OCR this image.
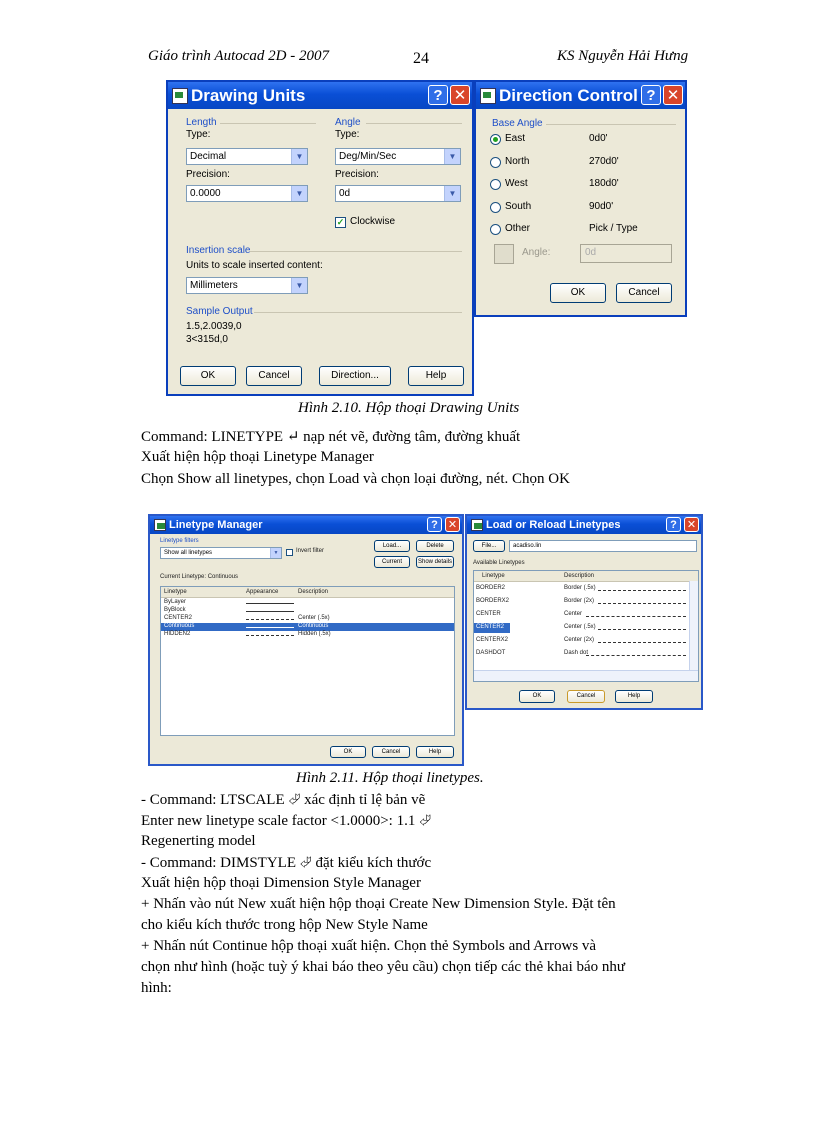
Giáo trình Autocad 2D - 2007	24	KS Nguyễn Hải Hưng
Drawing Units	? ✕
Length
Type:
Decimal	▼
Precision:
0.0000	▼
Angle
Type:
Deg/Min/Sec	▼
Precision:
0d	▼
✓ Clockwise
Insertion scale
Units to scale inserted content:
Millimeters	▼
Sample Output
1.5,2.0039,0
3<315d,0
OK	Cancel	Direction...	Help
Direction Control ? ✕
Base Angle
East	0d0'
North	270d0'
West	180d0'
South	90d0'
Other	Pick / Type
Angle:	0d
OK	Cancel
Hình 2.10. Hộp thoại Drawing Units
Command: LINETYPE ↵ nạp nét vẽ, đường tâm, đường khuất
Xuất hiện hộp thoại Linetype Manager
Chọn Show all linetypes, chọn Load và chọn loại đường, nét. Chọn OK
Linetype Manager	? ✕
Linetype filters
Show all linetypes	▼	Invert filter
Load...	Delete
Current	Show details
Current Linetype: Continuous
Linetype	Appearance	Description
ByLayer
ByBlock
CENTER2	Center (.5x)
Continuous	Continuous
HIDDEN2	Hidden (.5x)
OK	Cancel	Help
Load or Reload Linetypes	? ✕
File...	acadiso.lin
Available Linetypes
Linetype	Description
BORDER2	Border (.5x)
BORDERX2	Border (2x)
CENTER	Center
CENTER2	Center (.5x)
CENTERX2	Center (2x)
DASHDOT	Dash dot
OK	Cancel	Help
Hình 2.11. Hộp thoại linetypes.
- Command: LTSCALE ⮰ xác định tỉ lệ bản vẽ
Enter new linetype scale factor <1.0000>: 1.1 ⮰
Regenerting model
- Command: DIMSTYLE ⮰ đặt kiểu kích thước
Xuất hiện hộp thoại Dimension Style Manager
+ Nhấn vào nút New xuất hiện hộp thoại Create New Dimension Style. Đặt tên
cho kiểu kích thước trong hộp New Style Name
+ Nhấn nút Continue hộp thoại xuất hiện. Chọn thẻ Symbols and Arrows và
chọn như hình (hoặc tuỳ ý khai báo theo yêu cầu) chọn tiếp các thẻ khai báo như
hình:
